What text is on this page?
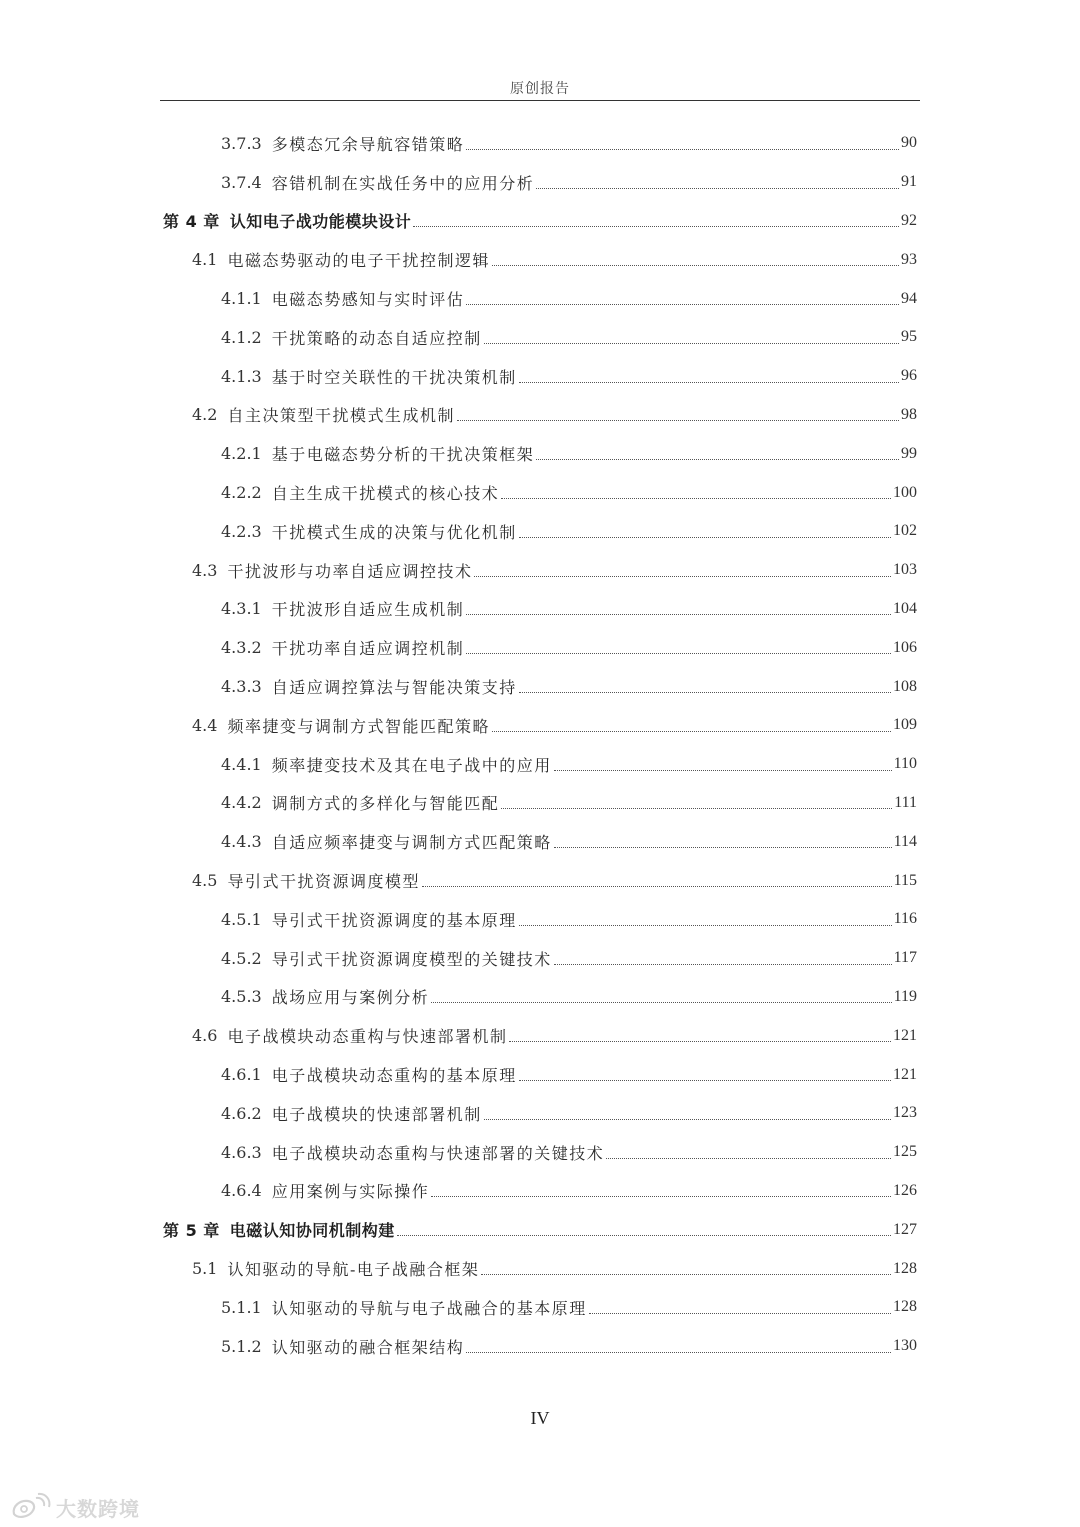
原创报告
3.7.3 多模态冗余导航容错策略	90
3.7.4 容错机制在实战任务中的应用分析	91
第 4 章 认知电子战功能模块设计	92
4.1 电磁态势驱动的电子干扰控制逻辑	93
4.1.1 电磁态势感知与实时评估	94
4.1.2 干扰策略的动态自适应控制	95
4.1.3 基于时空关联性的干扰决策机制	96
4.2 自主决策型干扰模式生成机制	98
4.2.1 基于电磁态势分析的干扰决策框架	99
4.2.2 自主生成干扰模式的核心技术	100
4.2.3 干扰模式生成的决策与优化机制	102
4.3 干扰波形与功率自适应调控技术	103
4.3.1 干扰波形自适应生成机制	104
4.3.2 干扰功率自适应调控机制	106
4.3.3 自适应调控算法与智能决策支持	108
4.4 频率捷变与调制方式智能匹配策略	109
4.4.1 频率捷变技术及其在电子战中的应用	110
4.4.2 调制方式的多样化与智能匹配	111
4.4.3 自适应频率捷变与调制方式匹配策略	114
4.5 导引式干扰资源调度模型	115
4.5.1 导引式干扰资源调度的基本原理	116
4.5.2 导引式干扰资源调度模型的关键技术	117
4.5.3 战场应用与案例分析	119
4.6 电子战模块动态重构与快速部署机制	121
4.6.1 电子战模块动态重构的基本原理	121
4.6.2 电子战模块的快速部署机制	123
4.6.3 电子战模块动态重构与快速部署的关键技术	125
4.6.4 应用案例与实际操作	126
第 5 章 电磁认知协同机制构建	127
5.1 认知驱动的导航-电子战融合框架	128
5.1.1 认知驱动的导航与电子战融合的基本原理	128
5.1.2 认知驱动的融合框架结构	130
IV
大数跨境
